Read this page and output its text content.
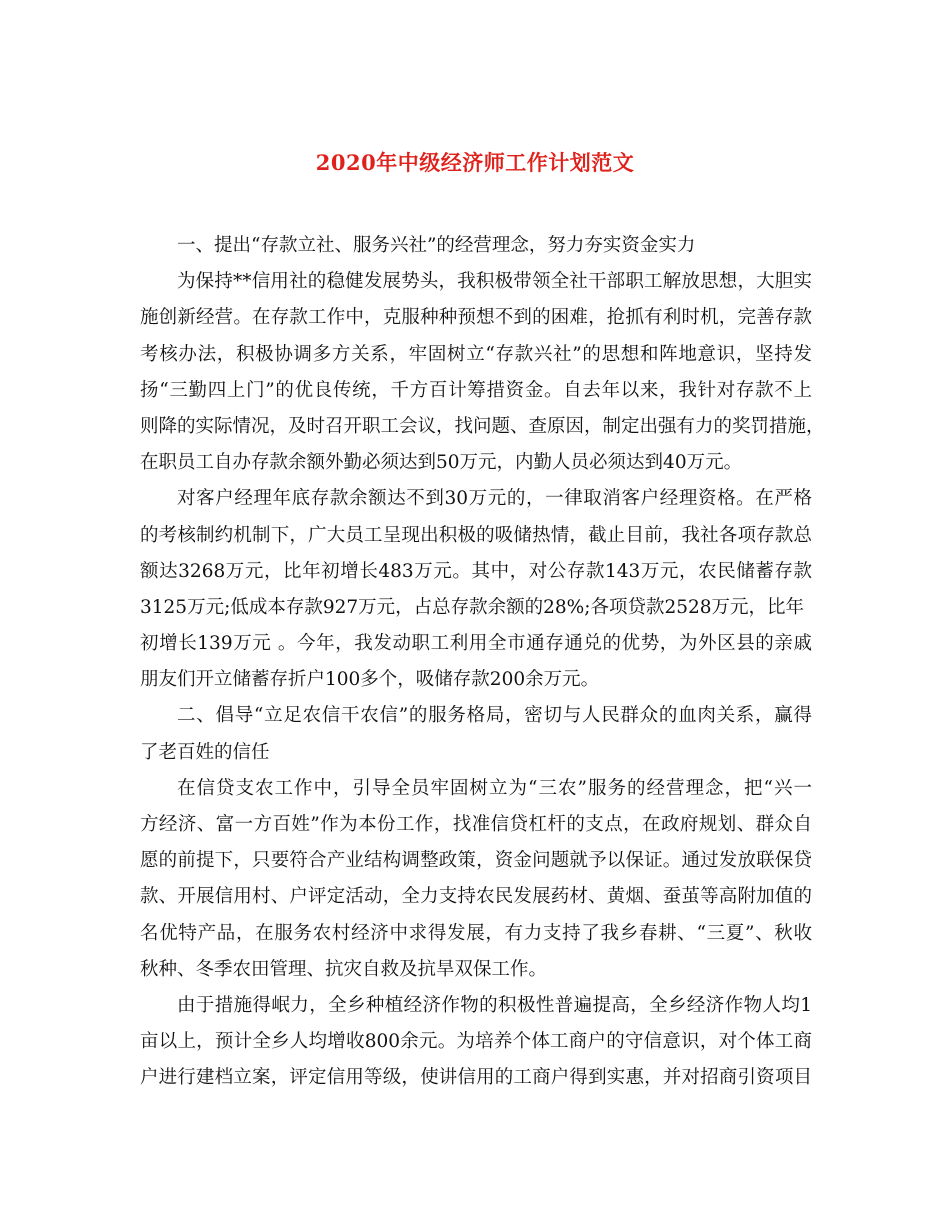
2020年中级经济师工作计划范文
一、提出“存款立社、服务兴社”的经营理念，努力夯实资金实力
为保持**信用社的稳健发展势头，我积极带领全社干部职工解放思想，大胆实
施创新经营。在存款工作中，克服种种预想不到的困难，抢抓有利时机，完善存款
考核办法，积极协调多方关系，牢固树立“存款兴社”的思想和阵地意识，坚持发
扬“三勤四上门”的优良传统，千方百计筹措资金。自去年以来，我针对存款不上
则降的实际情况，及时召开职工会议，找问题、查原因，制定出强有力的奖罚措施，
在职员工自办存款余额外勤必须达到50万元，内勤人员必须达到40万元。
对客户经理年底存款余额达不到30万元的，一律取消客户经理资格。在严格
的考核制约机制下，广大员工呈现出积极的吸储热情，截止目前，我社各项存款总
额达3268万元，比年初增长483万元。其中，对公存款143万元，农民储蓄存款
3125万元;低成本存款927万元，占总存款余额的28%;各项贷款2528万元，比年
初增长139万元 。今年，我发动职工利用全市通存通兑的优势，为外区县的亲戚
朋友们开立储蓄存折户100多个，吸储存款200余万元。
二、倡导“立足农信干农信”的服务格局，密切与人民群众的血肉关系，赢得
了老百姓的信任
在信贷支农工作中，引导全员牢固树立为“三农”服务的经营理念，把“兴一
方经济、富一方百姓”作为本份工作，找准信贷杠杆的支点，在政府规划、群众自
愿的前提下，只要符合产业结构调整政策，资金问题就予以保证。通过发放联保贷
款、开展信用村、户评定活动，全力支持农民发展药材、黄烟、蚕茧等高附加值的
名优特产品，在服务农村经济中求得发展，有力支持了我乡春耕、“三夏”、秋收
秋种、冬季农田管理、抗灾自救及抗旱双保工作。
由于措施得岷力，全乡种植经济作物的积极性普遍提高，全乡经济作物人均1
亩以上，预计全乡人均增收800余元。为培养个体工商户的守信意识，对个体工商
户进行建档立案，评定信用等级，使讲信用的工商户得到实惠，并对招商引资项目
